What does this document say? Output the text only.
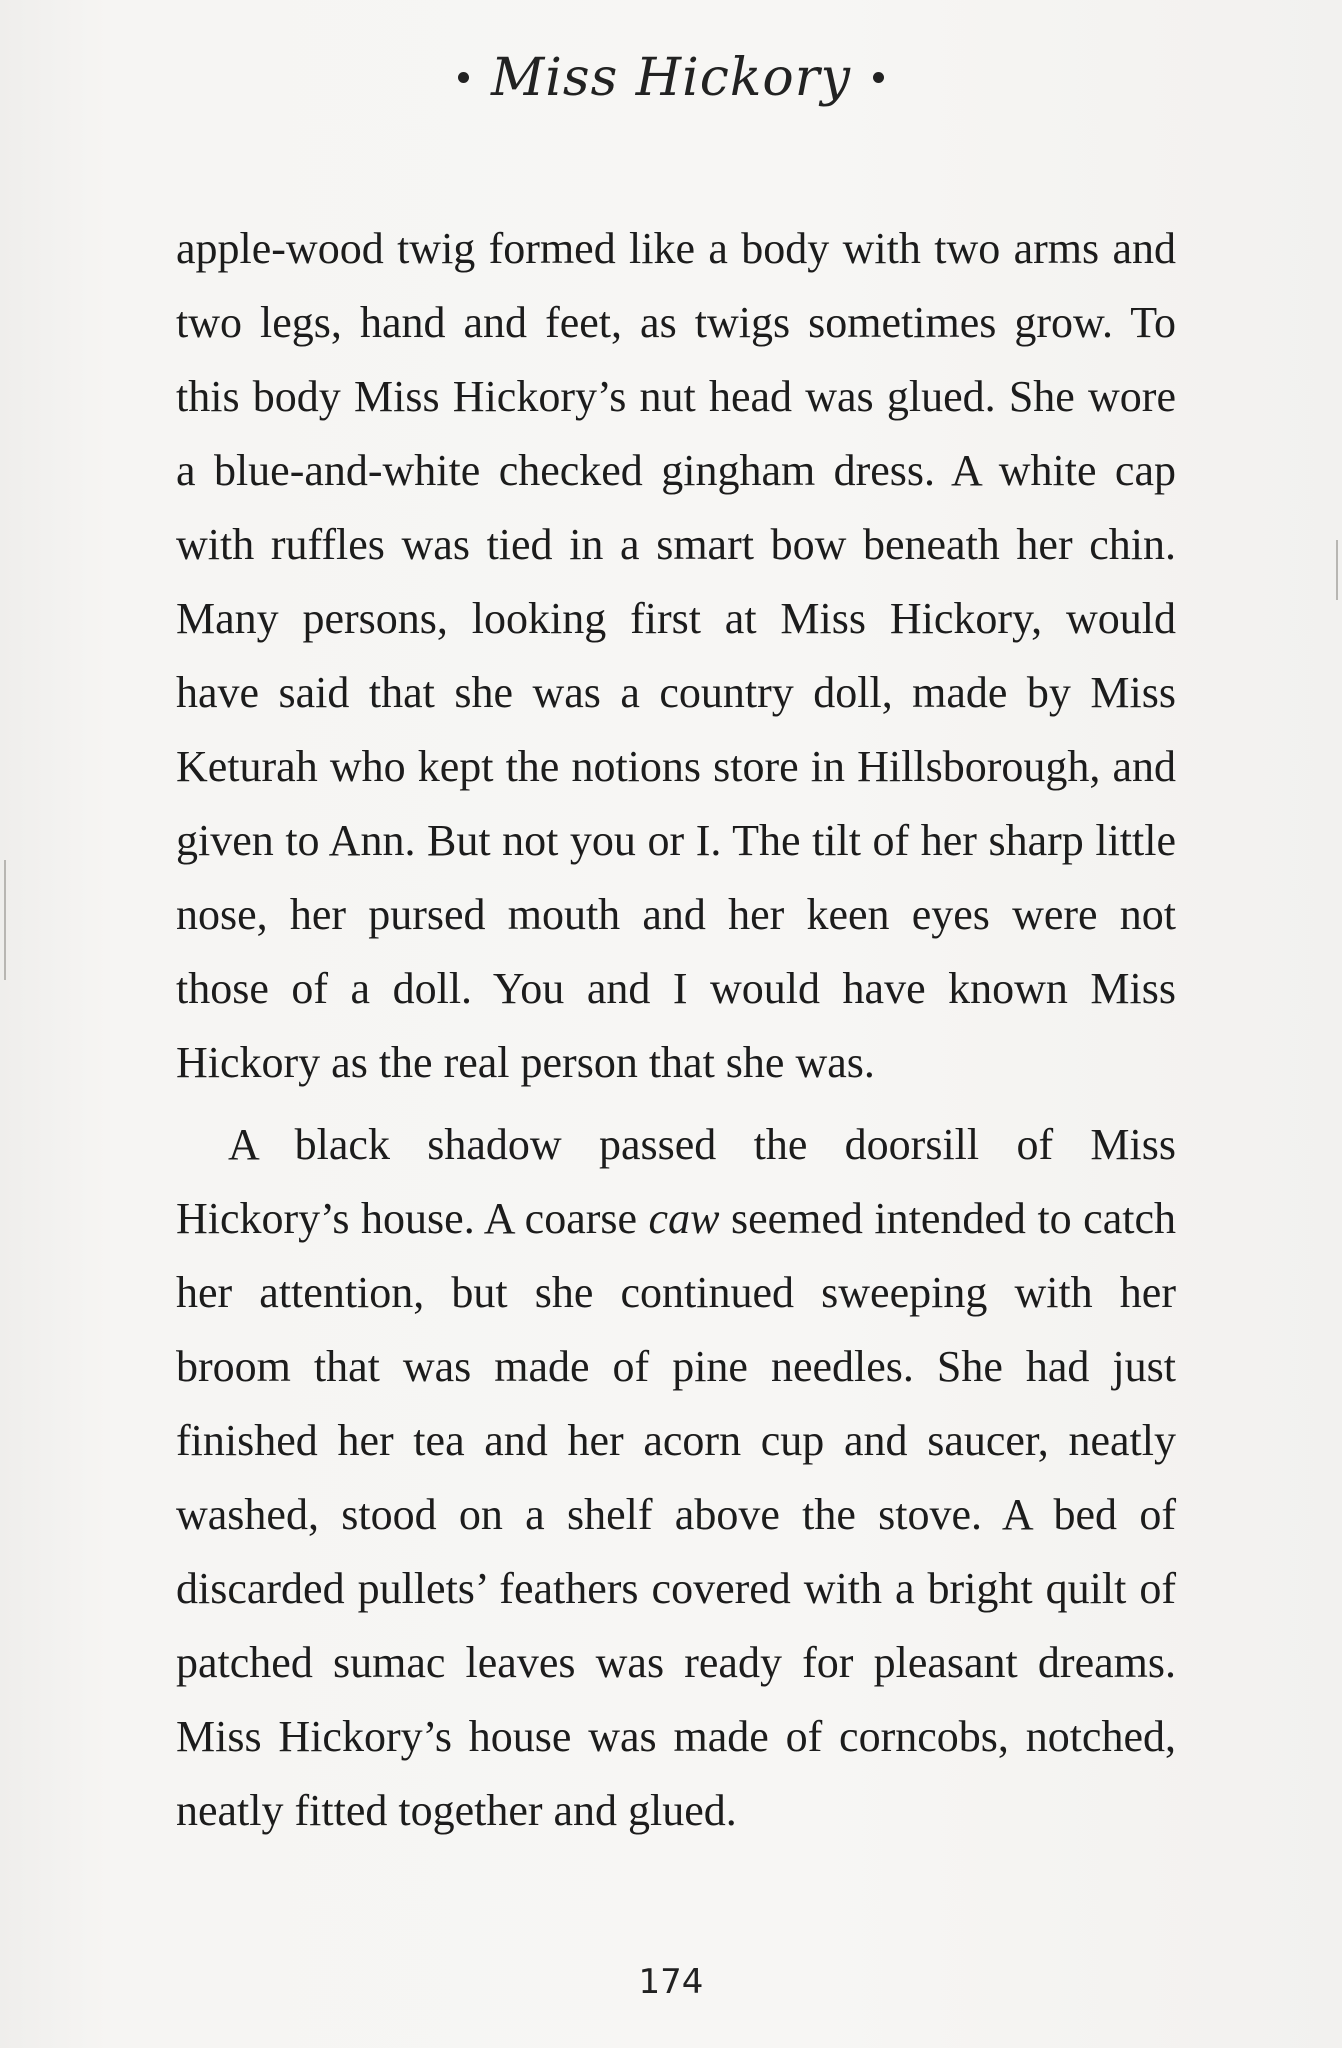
Miss Hickory

apple-wood twig formed like a body with two arms and two legs, hand and feet, as twigs sometimes grow. To this body Miss Hickory’s nut head was glued. She wore a blue-and-white checked gingham dress. A white cap with ruffles was tied in a smart bow beneath her chin. Many persons, looking first at Miss Hickory, would have said that she was a country doll, made by Miss Keturah who kept the notions store in Hillsborough, and given to Ann. But not you or I. The tilt of her sharp little nose, her pursed mouth and her keen eyes were not those of a doll. You and I would have known Miss Hickory as the real person that she was.

A black shadow passed the doorsill of Miss Hickory’s house. A coarse caw seemed intended to catch her attention, but she continued sweeping with her broom that was made of pine needles. She had just finished her tea and her acorn cup and saucer, neatly washed, stood on a shelf above the stove. A bed of discarded pullets’ feathers covered with a bright quilt of patched sumac leaves was ready for pleasant dreams. Miss Hickory’s house was made of corncobs, notched, neatly fitted together and glued.

174
